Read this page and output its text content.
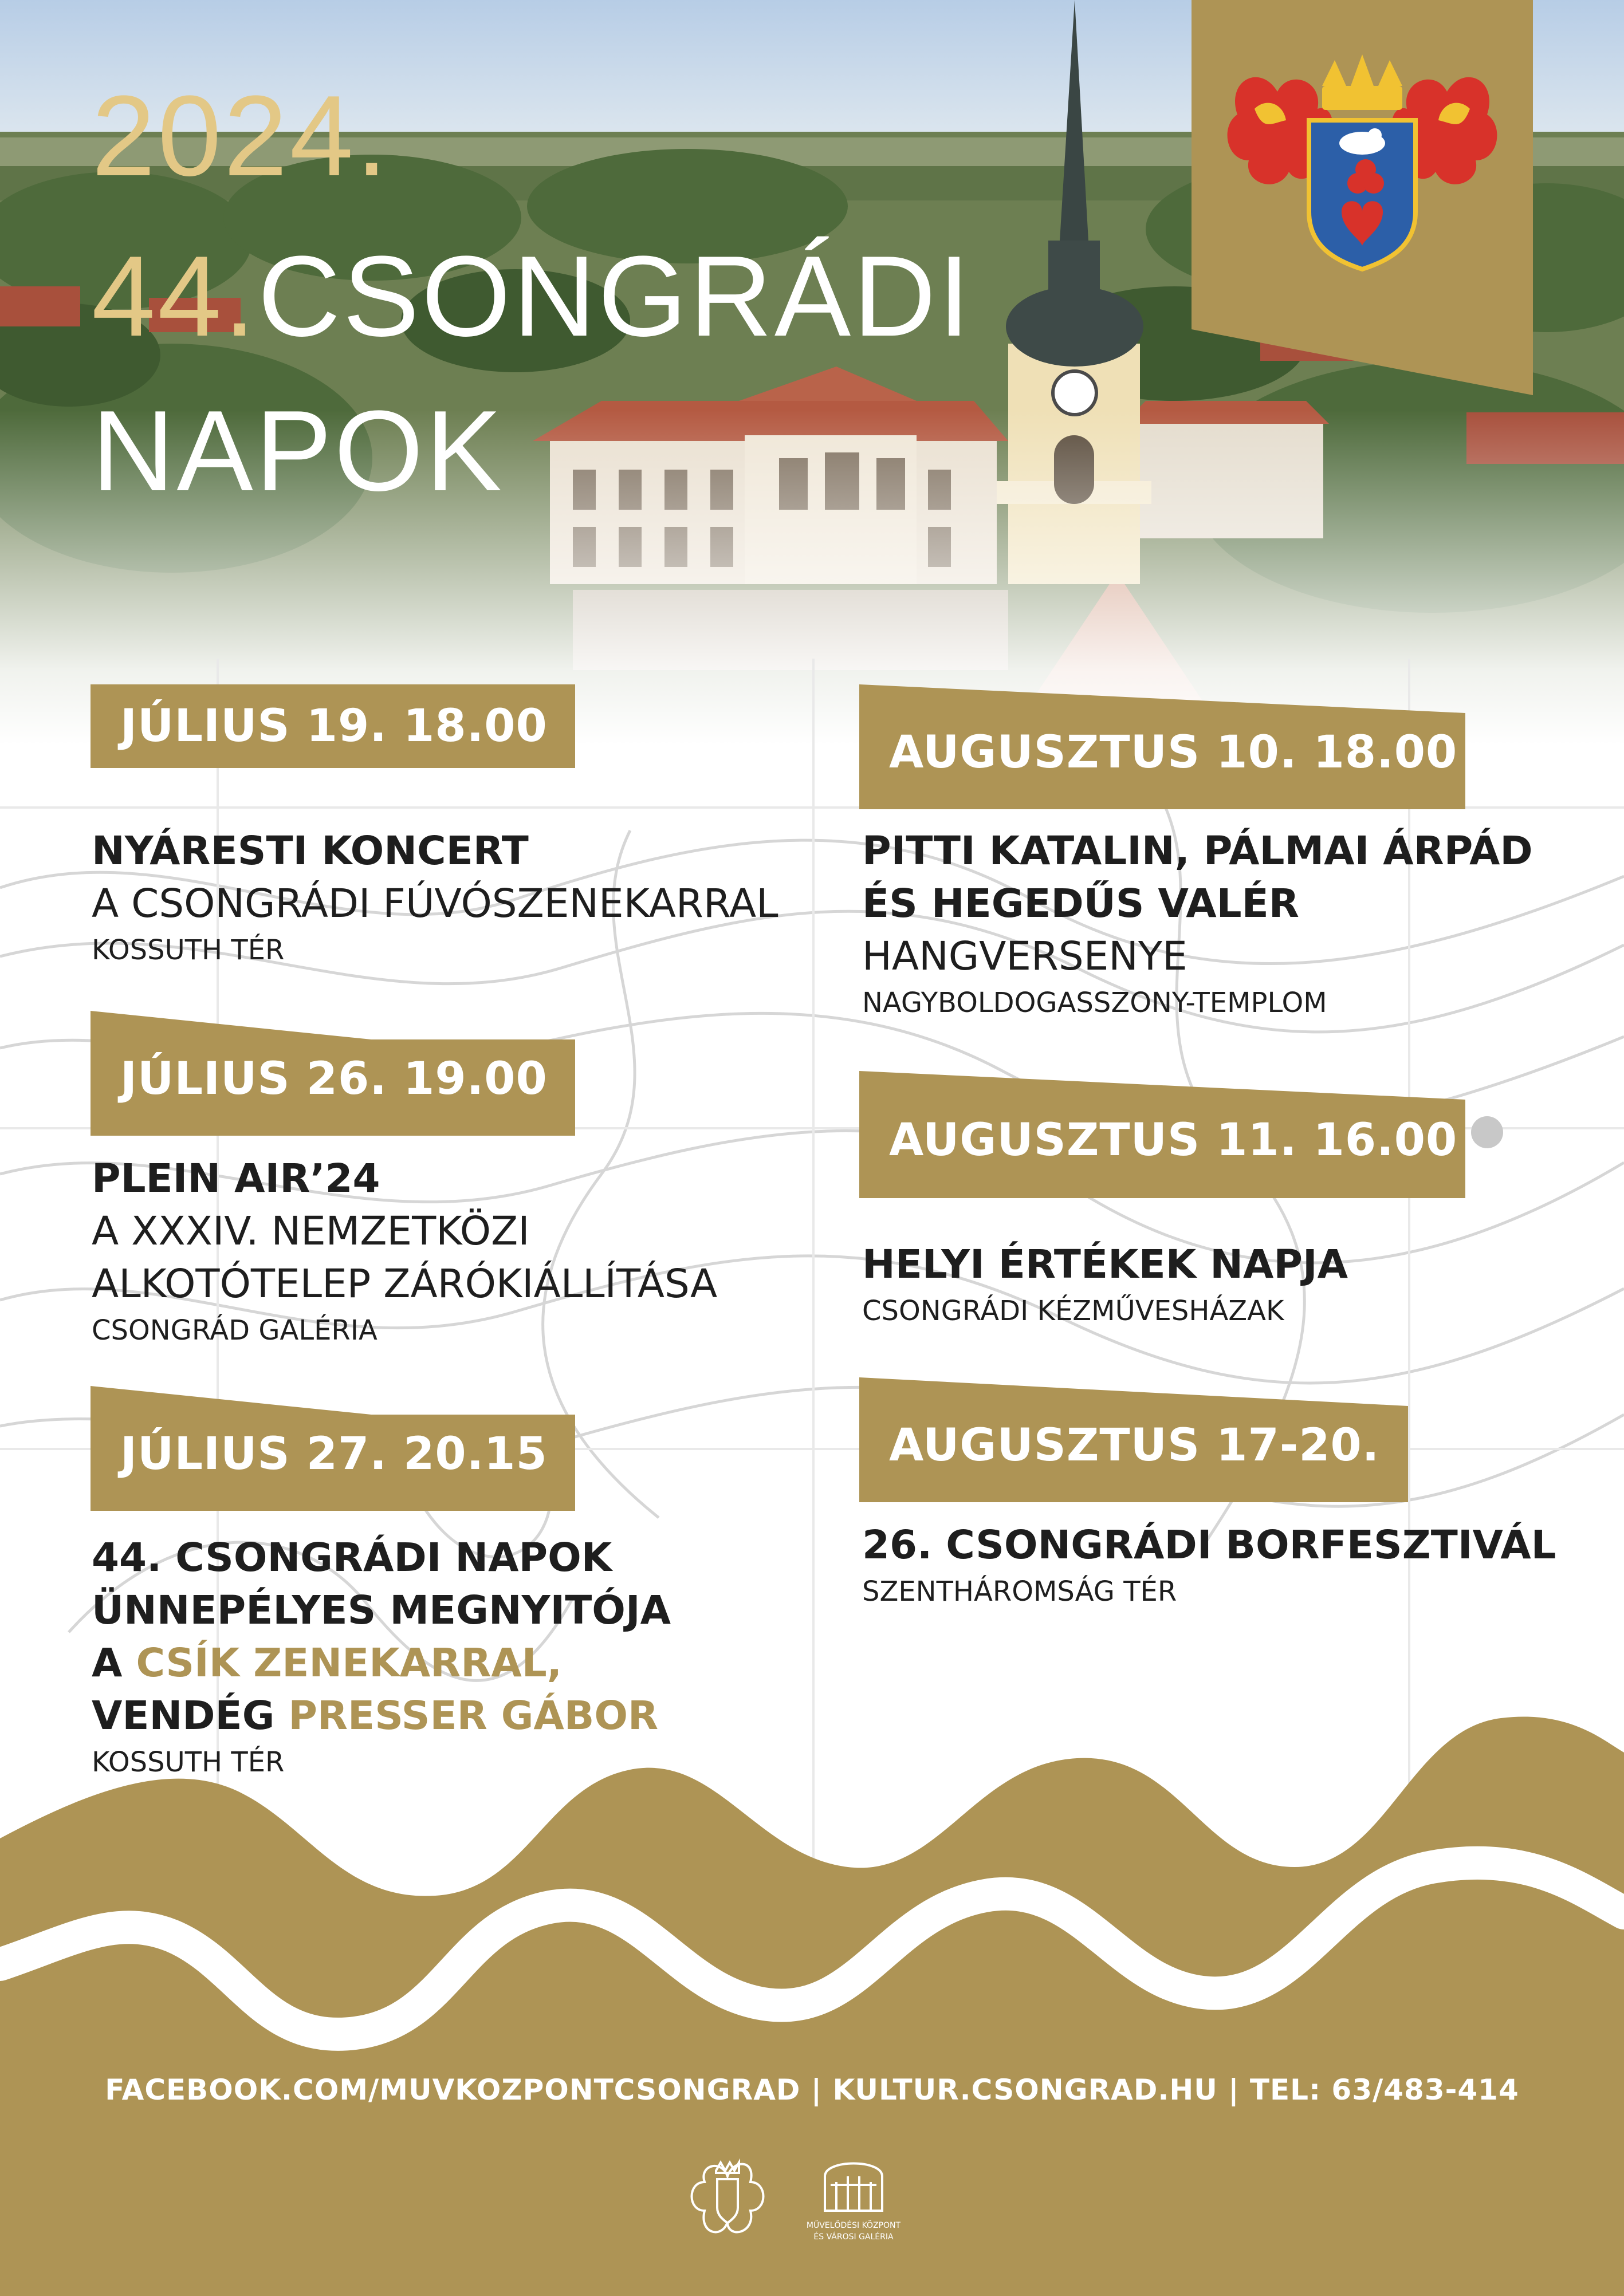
2024.
44.CSONGRÁDI
NAPOK
JÚLIUS 19. 18.00
NYÁRESTI KONCERT
A CSONGRÁDI FÚVÓSZENEKARRAL
KOSSUTH TÉR
JÚLIUS 26. 19.00
PLEIN AIR’24
A XXXIV. NEMZETKÖZI
ALKOTÓTELEP ZÁRÓKIÁLLÍTÁSA
CSONGRÁD GALÉRIA
JÚLIUS 27. 20.15
44. CSONGRÁDI NAPOK
ÜNNEPÉLYES MEGNYITÓJA
A CSÍK ZENEKARRAL,
VENDÉG PRESSER GÁBOR
KOSSUTH TÉR
AUGUSZTUS 10. 18.00
PITTI KATALIN, PÁLMAI ÁRPÁD
ÉS HEGEDŰS VALÉR
HANGVERSENYE
NAGYBOLDOGASSZONY-TEMPLOM
AUGUSZTUS 11. 16.00
HELYI ÉRTÉKEK NAPJA
CSONGRÁDI KÉZMŰVESHÁZAK
AUGUSZTUS 17-20.
26. CSONGRÁDI BORFESZTIVÁL
SZENTHÁROMSÁG TÉR
FACEBOOK.COM/MUVKOZPONTCSONGRAD | KULTUR.CSONGRAD.HU | TEL: 63/483-414
MŰVELŐDÉSI KÖZPONT
ÉS VÁROSI GALÉRIA
